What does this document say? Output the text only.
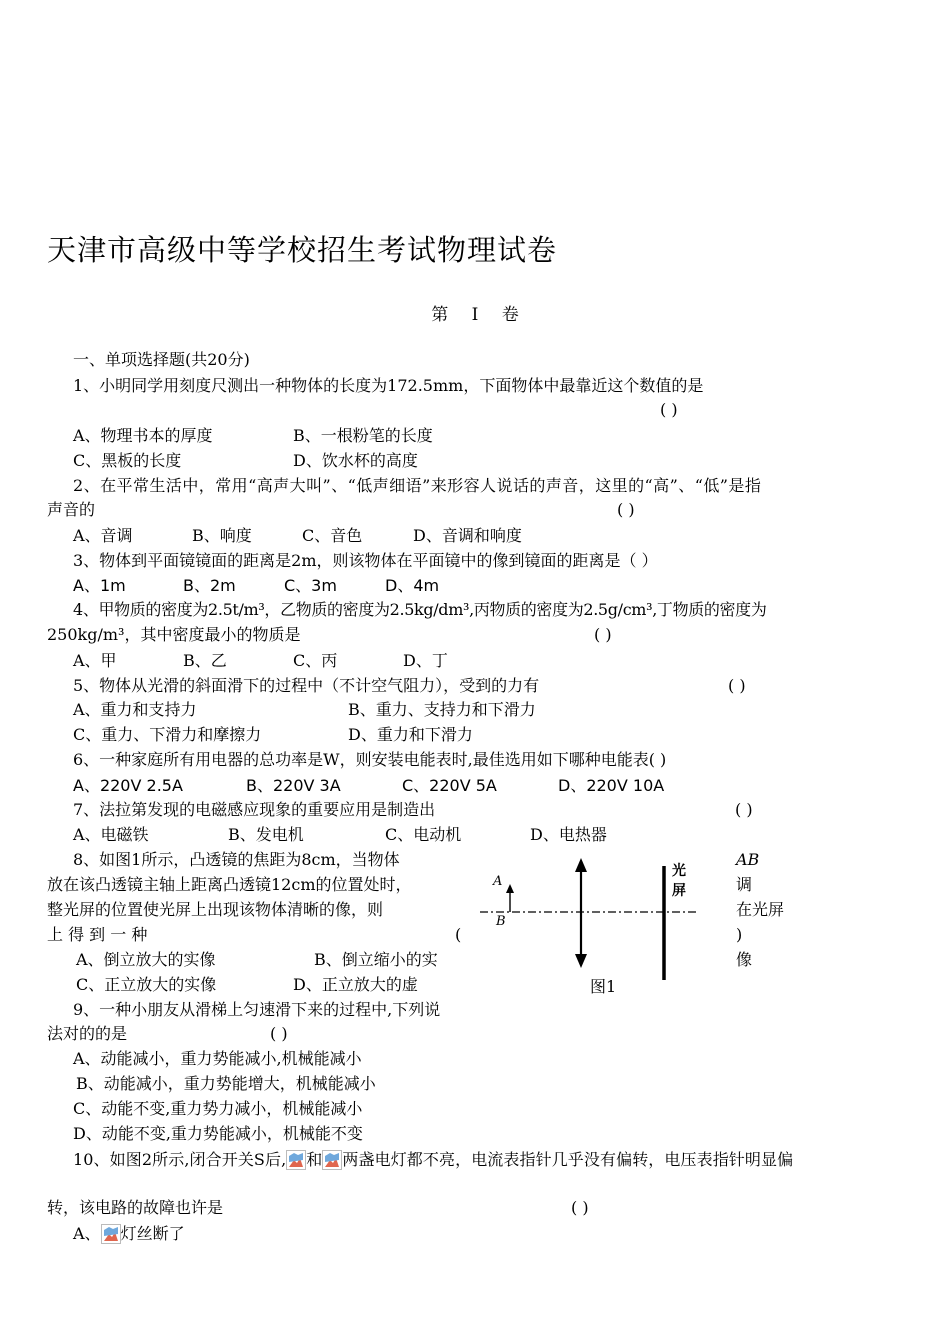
天津市高级中等学校招生考试物理试卷
第 Ⅰ 卷
一、单项选择题(共20分)
1、小明同学用刻度尺测出一种物体的长度为172.5mm，下面物体中最靠近这个数值的是
( )
A、物理书本的厚度	B、一根粉笔的长度
C、黑板的长度	D、饮水杯的高度
2、在平常生活中，常用“高声大叫”、“低声细语”来形容人说话的声音，这里的“高”、“低”是指
声音的	( )
A、音调	B、响度	C、音色	D、音调和响度
3、物体到平面镜镜面的距离是2m，则该物体在平面镜中的像到镜面的距离是（ ）
A、1m	B、2m	C、3m	D、4m
4、甲物质的密度为2.5t/m³，乙物质的密度为2.5kg/dm³,丙物质的密度为2.5g/cm³,丁物质的密度为
250kg/m³，其中密度最小的物质是	( )
A、甲	B、乙	C、丙	D、丁
5、物体从光滑的斜面滑下的过程中（不计空气阻力），受到的力有	( )
A、重力和支持力	B、重力、支持力和下滑力
C、重力、下滑力和摩擦力	D、重力和下滑力
6、一种家庭所有用电器的总功率是W，则安装电能表时,最佳选用如下哪种电能表( )
A、220V 2.5A	B、220V 3A	C、220V 5A	D、220V 10A
7、法拉第发现的电磁感应现象的重要应用是制造出	( )
A、电磁铁	B、发电机	C、电动机	D、电热器
8、如图1所示，凸透镜的焦距为8cm，当物体
放在该凸透镜主轴上距离凸透镜12cm的位置处时，
整光屏的位置使光屏上出现该物体清晰的像，则
上 得 到 一 种	(
A、倒立放大的实像	B、倒立缩小的实
C、正立放大的实像	D、正立放大的虚
AB
调
在光屏
)
像
光屏
A
B
图1
9、一种小朋友从滑梯上匀速滑下来的过程中,下列说
法对的的是	( )
A、动能减小，重力势能减小,机械能减小
B、动能减小，重力势能增大，机械能减小
C、动能不变,重力势力减小，机械能减小
D、动能不变,重力势能减小，机械能不变
10、如图2所示,闭合开关S后, 和 两盏电灯都不亮，电流表指针几乎没有偏转，电压表指针明显偏
转，该电路的故障也许是	( )
A、 灯丝断了
